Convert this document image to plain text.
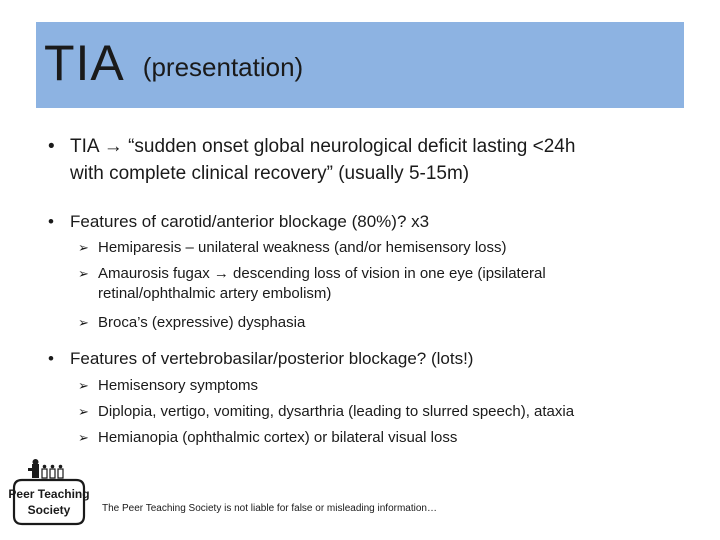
TIA (presentation)
• TIA → “sudden onset global neurological deficit lasting <24h
with complete clinical recovery” (usually 5-15m)
• Features of carotid/anterior blockage (80%)? x3
➢ Hemiparesis – unilateral weakness (and/or hemisensory loss)
➢ Amaurosis fugax → descending loss of vision in one eye (ipsilateral
retinal/ophthalmic artery embolism)
➢ Broca’s (expressive) dysphasia
• Features of vertebrobasilar/posterior blockage? (lots!)
➢ Hemisensory symptoms
➢ Diplopia, vertigo, vomiting, dysarthria (leading to slurred speech), ataxia
➢ Hemianopia (ophthalmic cortex) or bilateral visual loss
Peer Teaching
Society	The Peer Teaching Society is not liable for false or misleading information…
